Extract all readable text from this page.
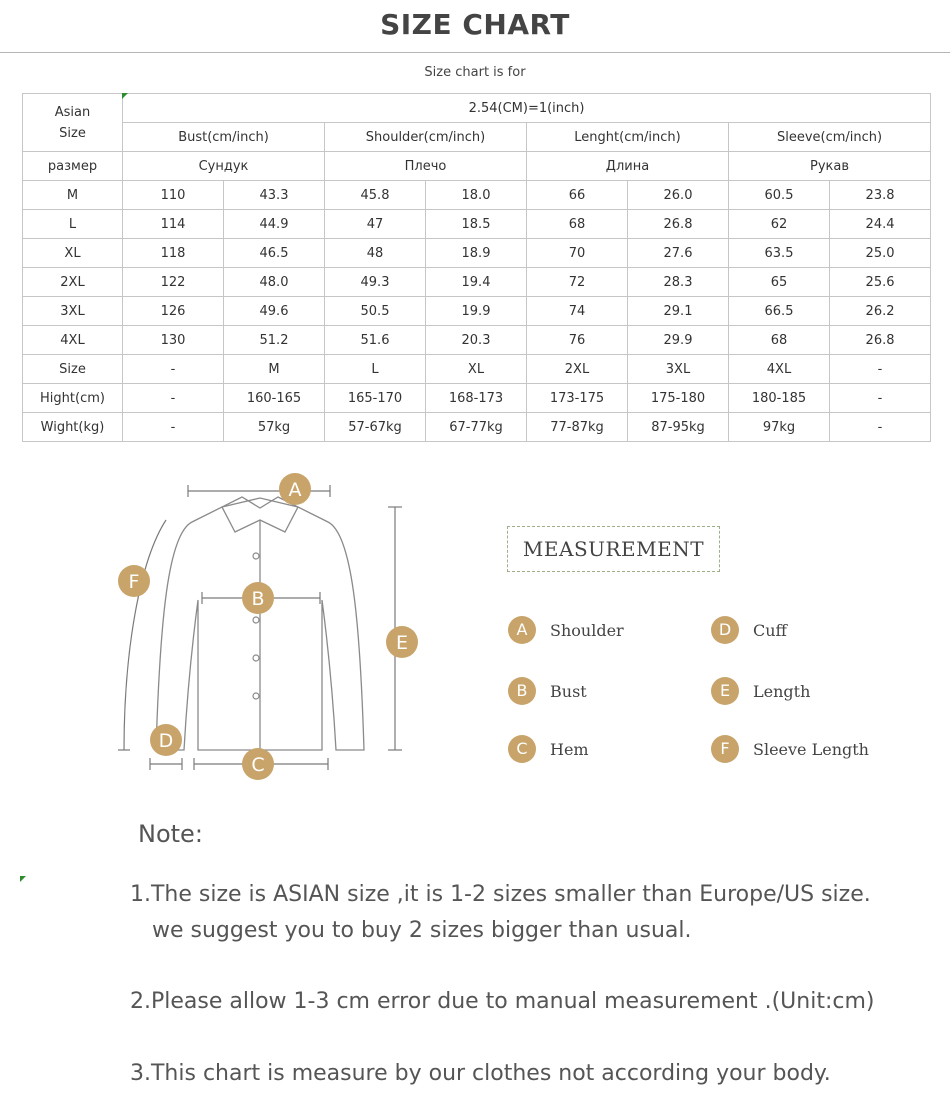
SIZE CHART
Size chart is for
Asian
Size	2.54(CM)=1(inch)							
	Bust(cm/inch)		Shoulder(cm/inch)		Lenght(cm/inch)		Sleeve(cm/inch)	
размер	Сундук		Плечо		Длина		Рукав	
M	110	43.3	45.8	18.0	66	26.0	60.5	23.8
L	114	44.9	47	18.5	68	26.8	62	24.4
XL	118	46.5	48	18.9	70	27.6	63.5	25.0
2XL	122	48.0	49.3	19.4	72	28.3	65	25.6
3XL	126	49.6	50.5	19.9	74	29.1	66.5	26.2
4XL	130	51.2	51.6	20.3	76	29.9	68	26.8
Size	-	M	L	XL	2XL	3XL	4XL	-
Hight(cm)	-	160-165	165-170	168-173	173-175	175-180	180-185	-
Wight(kg)	-	57kg	57-67kg	67-77kg	77-87kg	87-95kg	97kg	-
A
B
C
D
E
F
MEASUREMENT
A	Shoulder	D	Cuff
B	Bust	E	Length
C	Hem	F	Sleeve Length
Note:
1.The size is ASIAN size ,it is 1-2 sizes smaller than Europe/US size.
we suggest you to buy 2 sizes bigger than usual.
2.Please allow 1-3 cm error due to manual measurement .(Unit:cm)
3.This chart is measure by our clothes not according your body.
